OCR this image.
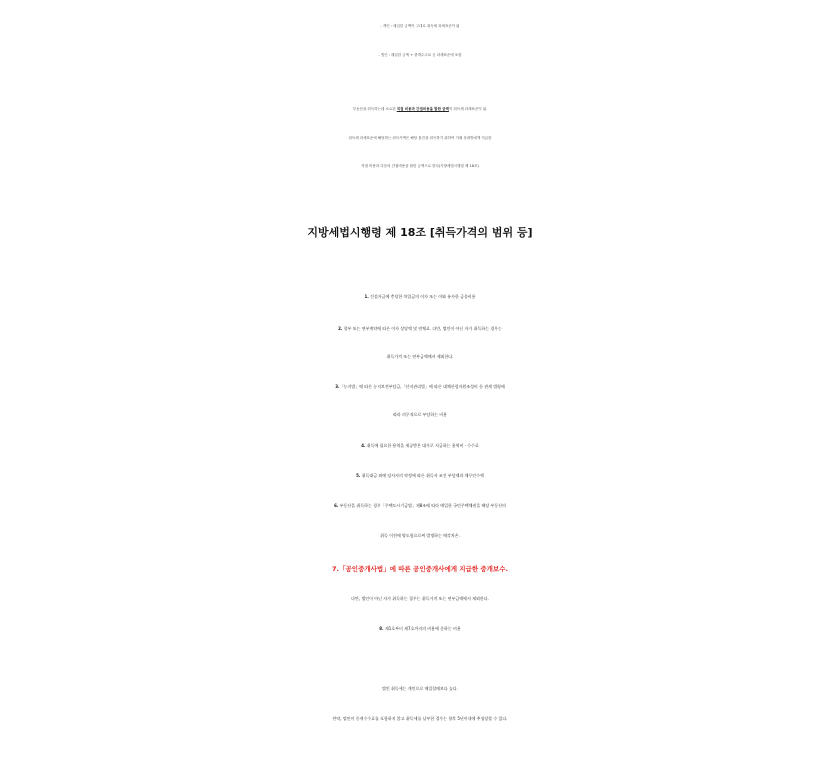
- 개인 : 매입한 금액이 그대로 취득세 과세표준이 됨
- 법인 : 매입한 금액 + 중개수수료 등 과세표준에 포함
부동산을 취득하는데 소요된 직접 비용과 간접비용을 합한 금액이 취득세 과세표준이 됨.
취득세 과세표준에 해당하는 취득가액은 해당 물건을 취득하기 위하여 거래 상대방에게 지급한
직접 비용과 다음의 간접비용을 합한 금액으로 한다(지방세법시행령 제 18조)
지방세법시행령 제 18조 [취득가격의 범위 등]
1. 건설자금에 충당한 차입금의 이자 또는 이와 유사한 금융비용
2. 할부 또는 연부계약에 따른 이자 상당액 및 연체료. 다만, 법인이 아닌 자가 취득하는 경우는
취득가격 또는 연부금액에서 제외한다.
3.「농지법」에 따른 농지보전부담금,「산지관리법」에 따른 대체산림자원조성비 등 관계 법령에
따라 의무적으로 부담하는 비용
4. 취득에 필요한 용역을 제공받은 대가로 지급하는 용역비ㆍ수수료
5. 취득대금 외에 당사자의 약정에 따른 취득자 조건 부담액과 채무인수액
6. 부동산을 취득하는 경우「주택도시기금법」제8조에 따라 매입한 국민주택채권을 해당 부동산의
취득 이전에 양도함으로써 발생하는 매각차손.
7.「공인중개사법」에 따른 공인중개사에게 지급한 중개보수.
다만, 법인이 아닌 자가 취득하는 경우는 취득가격 또는 연부금액에서 제외한다.
8. 제1호부터 제7호까지의 비용에 준하는 비용
법인 취득세는 개인으로 매입할때보다 높다.
만약, 법인이 중개수수료를 포함하지 않고 취득세를 납부한 경우는 향후 5년이내에 추징당할 수 있다.
